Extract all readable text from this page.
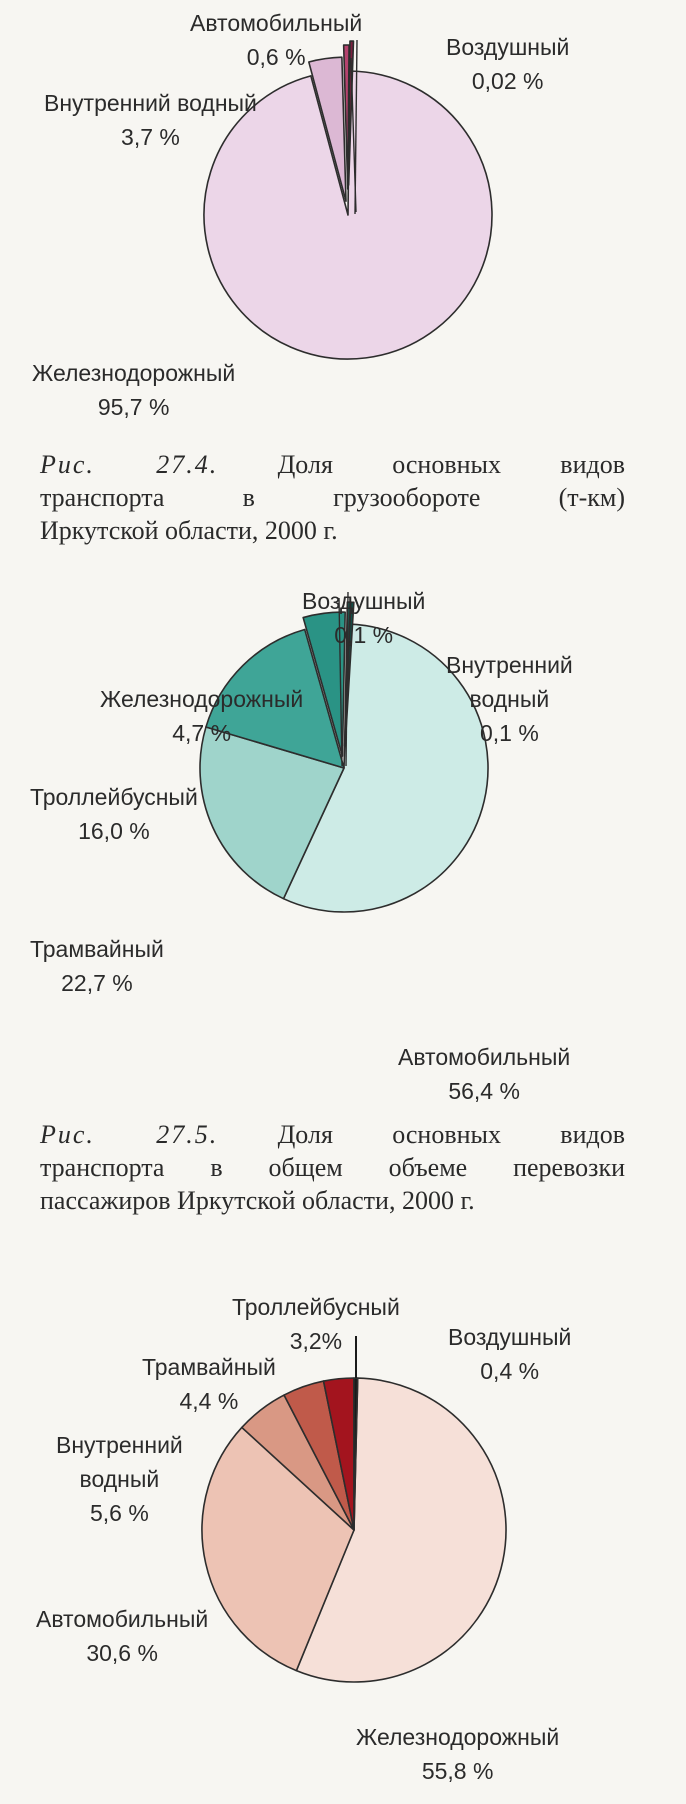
Автомобильный
0,6 %	Воздушный
0,02 %
Внутренний водный
3,7 %
Железнодорожный
95,7 %
Рис. 27.4. Доля основных видов
транспорта в грузообороте (т-км)
Иркутской области, 2000 г.
Воздушный
0,1 %
Внутренний
водный
0,1 %
Железнодорожный
4,7 %
Троллейбусный
16,0 %
Трамвайный
22,7 %
Автомобильный
56,4 %
Рис. 27.5. Доля основных видов
транспорта в общем объеме перевозки
пассажиров Иркутской области, 2000 г.
Троллейбусный
3,2%	Воздушный
0,4 %
Трамвайный
4,4 %
Внутренний
водный
5,6 %
Автомобильный
30,6 %
Железнодорожный
55,8 %
